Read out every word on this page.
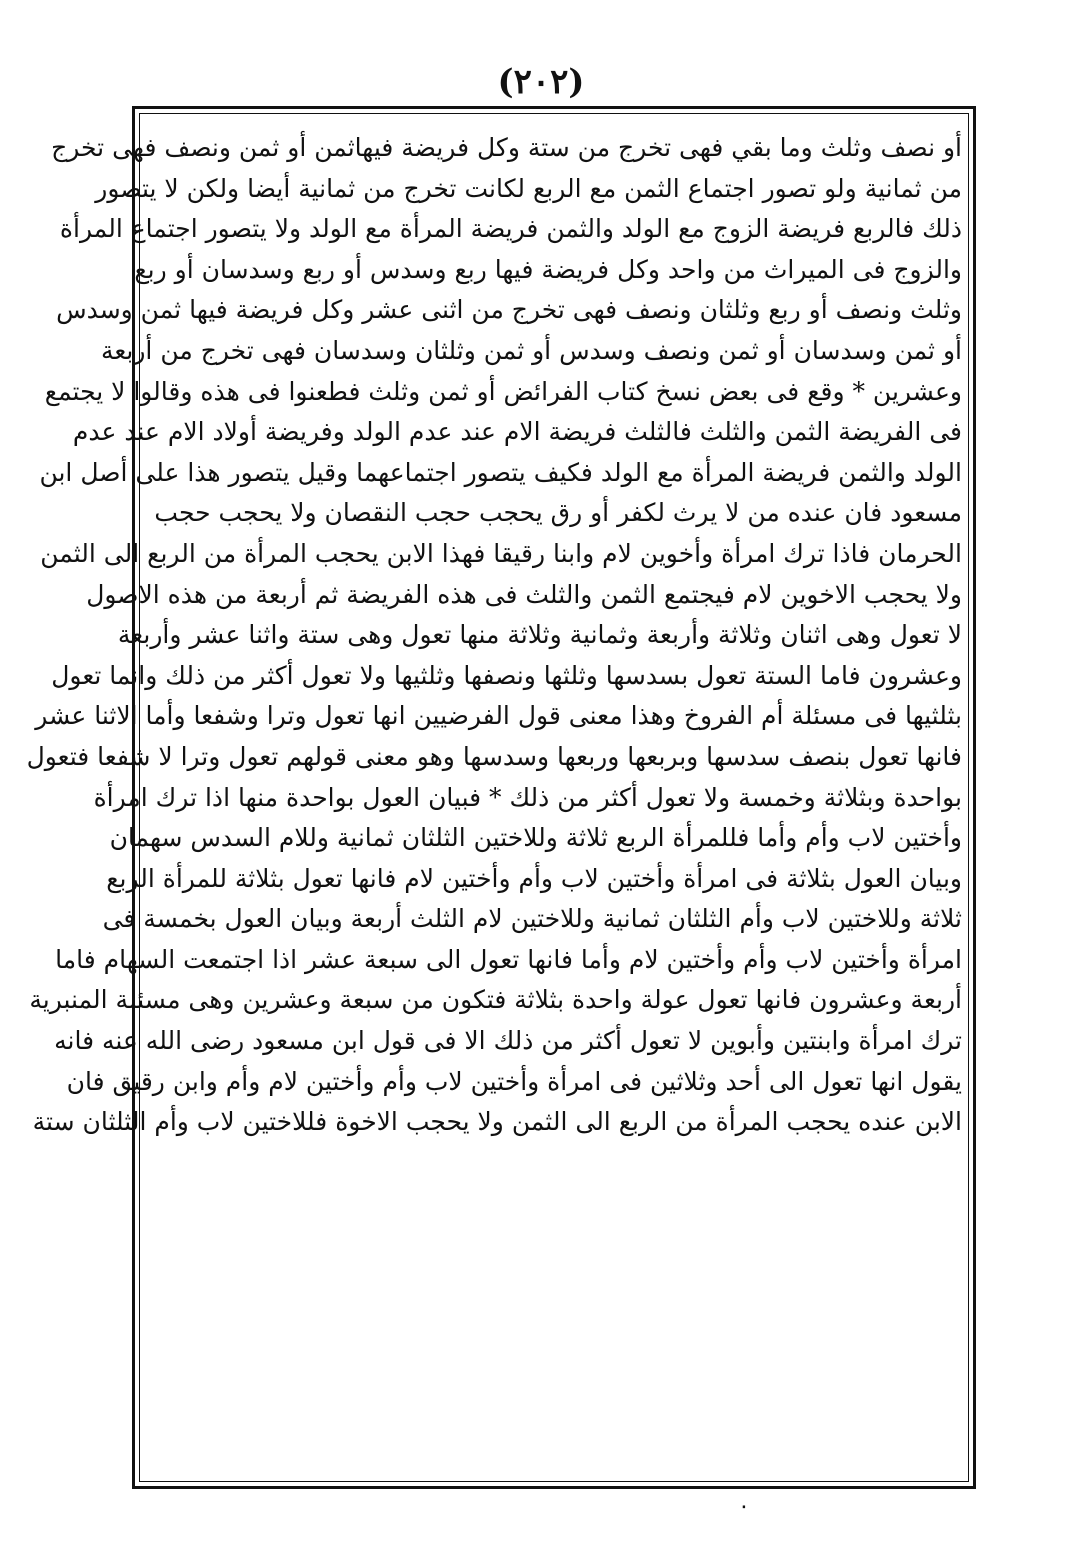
(٢٠٢)
أو نصف وثلث وما بقي فهى تخرج من ستة وكل فريضة فيهاثمن أو ثمن ونصف فهى تخرج
من ثمانية ولو تصور اجتماع الثمن مع الربع لكانت تخرج من ثمانية أيضا ولكن لا يتصور
ذلك فالربع فريضة الزوج مع الولد والثمن فريضة المرأة مع الولد ولا يتصور اجتماع المرأة
والزوج فى الميراث من واحد وكل فريضة فيها ربع وسدس أو ربع وسدسان أو ربع
وثلث ونصف أو ربع وثلثان ونصف فهى تخرج من اثنى عشر وكل فريضة فيها ثمن وسدس
أو ثمن وسدسان أو ثمن ونصف وسدس أو ثمن وثلثان وسدسان فهى تخرج من أربعة
وعشرين * وقع فى بعض نسخ كتاب الفرائض أو ثمن وثلث فطعنوا فى هذه وقالوا لا يجتمع
فى الفريضة الثمن والثلث فالثلث فريضة الام عند عدم الولد وفريضة أولاد الام عند عدم
الولد والثمن فريضة المرأة مع الولد فكيف يتصور اجتماعهما وقيل يتصور هذا على أصل ابن
مسعود فان عنده من لا يرث لكفر أو رق يحجب حجب النقصان ولا يحجب حجب
الحرمان فاذا ترك امرأة وأخوين لام وابنا رقيقا فهذا الابن يحجب المرأة من الربع الى الثمن
ولا يحجب الاخوين لام فيجتمع الثمن والثلث فى هذه الفريضة ثم أربعة من هذه الاصول
لا تعول وهى اثنان وثلاثة وأربعة وثمانية وثلاثة منها تعول وهى ستة واثنا عشر وأربعة
وعشرون فاما الستة تعول بسدسها وثلثها ونصفها وثلثيها ولا تعول أكثر من ذلك وانما تعول
بثلثيها فى مسئلة أم الفروخ وهذا معنى قول الفرضيين انها تعول وترا وشفعا وأما الاثنا عشر
فانها تعول بنصف سدسها وبربعها وربعها وسدسها وهو معنى قولهم تعول وترا لا شفعا فتعول
بواحدة وبثلاثة وخمسة ولا تعول أكثر من ذلك * فبيان العول بواحدة منها اذا ترك امرأة
وأختين لاب وأم وأما فللمرأة الربع ثلاثة وللاختين الثلثان ثمانية وللام السدس سهمان
وبيان العول بثلاثة فى امرأة وأختين لاب وأم وأختين لام فانها تعول بثلاثة للمرأة الربع
ثلاثة وللاختين لاب وأم الثلثان ثمانية وللاختين لام الثلث أربعة وبيان العول بخمسة فى
امرأة وأختين لاب وأم وأختين لام وأما فانها تعول الى سبعة عشر اذا اجتمعت السهام فاما
أربعة وعشرون فانها تعول عولة واحدة بثلاثة فتكون من سبعة وعشرين وهى مسئلة المنبرية
ترك امرأة وابنتين وأبوين لا تعول أكثر من ذلك الا فى قول ابن مسعود رضى الله عنه فانه
يقول انها تعول الى أحد وثلاثين فى امرأة وأختين لاب وأم وأختين لام وأم وابن رقيق فان
الابن عنده يحجب المرأة من الربع الى الثمن ولا يحجب الاخوة فللاختين لاب وأم الثلثان ستة
٠
